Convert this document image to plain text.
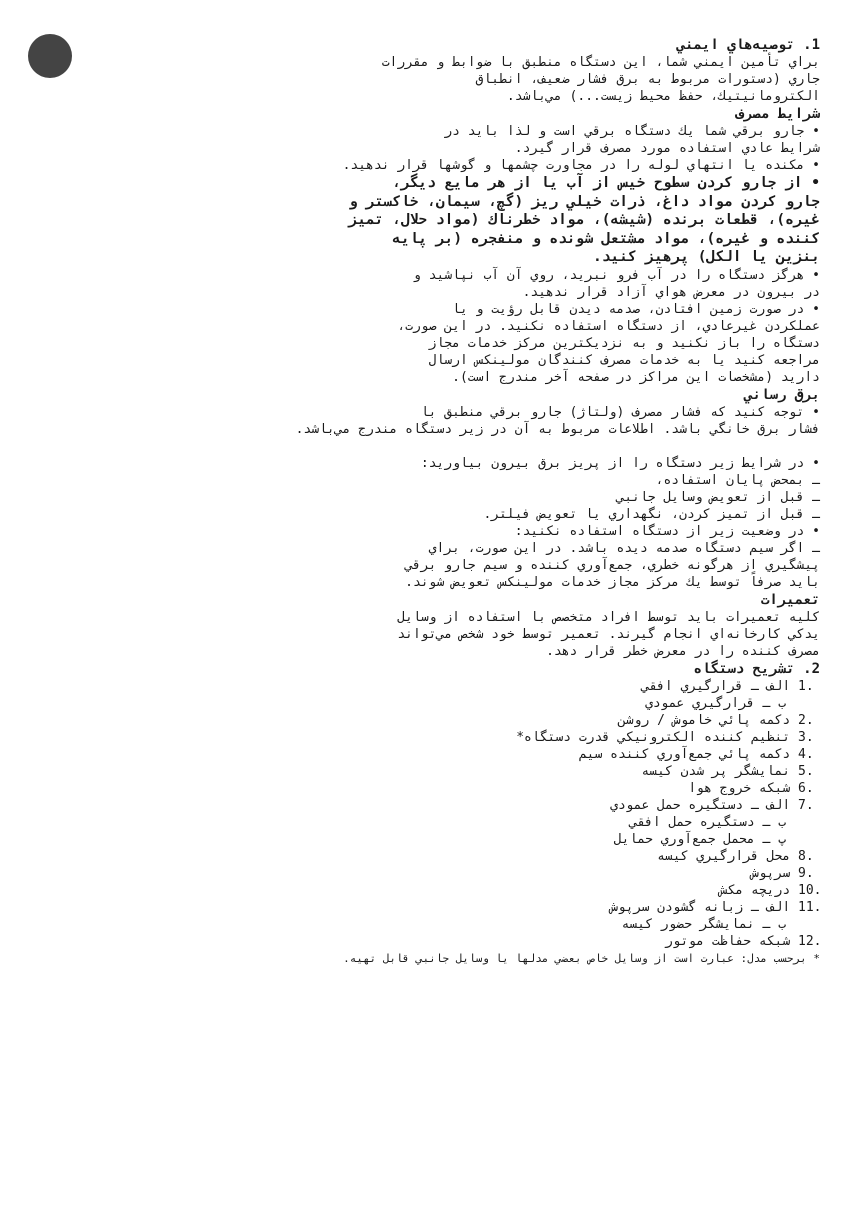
1. توصيه‌هاي ايمني

براي تأمين ايمني شما، اين دستگاه منطبق با ضوابط و مقررات

جاري (دستورات مربوط به برق فشار ضعيف، انطباق

الكترومانيتيك، حفظ محيط زيست...) مي‌باشد.

شرايط مصرف

• جارو برقي شما يك دستگاه برقي است و لذا بايد در

شرايط عادي استفاده مورد مصرف قرار گيرد.

• مكنده يا انتهاي لوله را در مجاورت چشمها و گوشها قرار ندهيد.

• از جارو كردن سطوح خيس از آب يا از هر مايع ديگر،

جارو كردن مواد داغ، ذرات خيلي ريز (گچ، سيمان، خاكستر و

غيره)، قطعات برنده (شيشه)، مواد خطرناك (مواد حلال، تميز

كننده و غيره)، مواد مشتعل شونده و منفجره (بر پايه

بنزين يا الكل) پرهيز كنيد.

• هرگز دستگاه را در آب فرو نبريد، روي آن آب نپاشيد و

در بيرون در معرض هواي آزاد قرار ندهيد.

• در صورت زمين افتادن، صدمه ديدن قابل رؤيت و يا

عملكردن غيرعادي، از دستگاه استفاده نكنيد. در اين صورت،

دستگاه را باز نكنيد و به نزديكترين مركز خدمات مجاز

مراجعه كنيد يا به خدمات مصرف كنندگان مولينكس ارسال

داريد (مشخصات اين مراكز در صفحه آخر مندرج است).

برق رساني

• توجه كنيد كه فشار مصرف (ولتاژ) جارو برقي منطبق با

فشار برق خانگي باشد. اطلاعات مربوط به آن در زير دستگاه مندرج مي‌باشد.

• در شرايط زير دستگاه را از پريز برق بيرون بياوريد:

ـ بمحض پايان استفاده،

ـ قبل از تعويض وسايل جانبي

ـ قبل از تميز كردن، نگهداري يا تعويض فيلتر.

• در وضعيت زير از دستگاه استفاده نكنيد:

ـ اگر سيم دستگاه صدمه ديده باشد. در اين صورت، براي

پيشگيري از هرگونه خطري، جمع‌آوري كننده و سيم جارو برقي

بايد صرفاً توسط يك مركز مجاز خدمات مولينكس تعويض شوند.

تعميرات

كليه تعميرات بايد توسط افراد متخصص با استفاده از وسايل

يدكي كارخانه‌اي انجام گيرند. تعمير توسط خود شخص مي‌تواند

مصرف كننده را در معرض خطر قرار دهد.

2. تشريح دستگاه

1. الف ـ قرارگيري افقي

ب ـ قرارگيري عمودي

2. دكمه پائي خاموش / روشن

3. تنظيم كننده الكترونيكي قدرت دستگاه*

4. دكمه پائي جمع‌آوري كننده سيم

5. نمايشگر پر شدن كيسه

6. شبكه خروج هوا

7. الف ـ دستگيره حمل عمودي

ب ـ دستگيره حمل افقي

پ ـ محمل جمع‌آوري حمايل

8. محل قرارگيري كيسه

9. سرپوش

10. دريچه مكش

11. الف ـ زبانه گشودن سرپوش

ب ـ نمايشگر حضور كيسه

12. شبكه حفاظت موتور

* برحسب مدل: عبارت است از وسايل خاص بعضي مدلها يا وسايل جانبي قابل تهيه.
